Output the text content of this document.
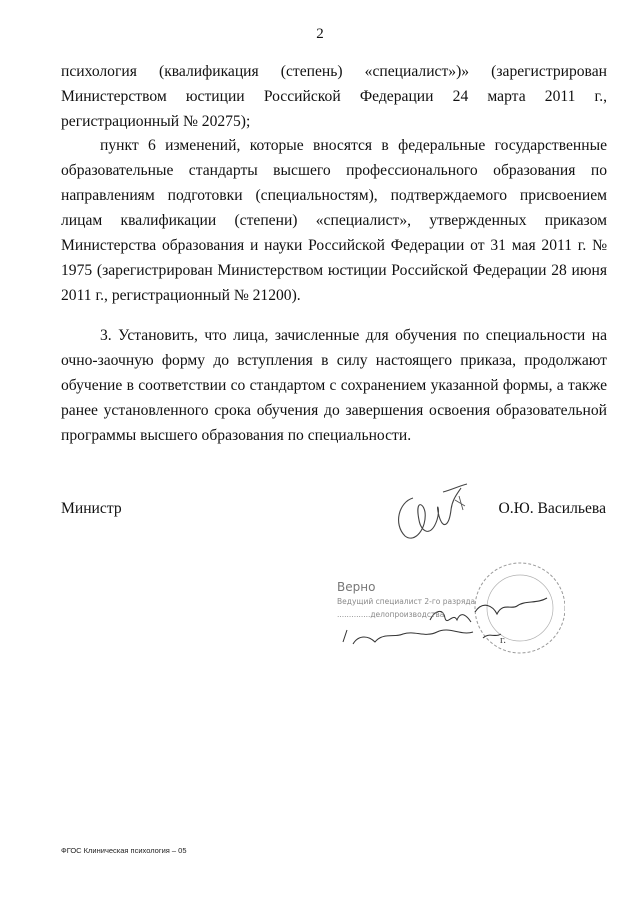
2

психология (квалификация (степень) «специалист»)» (зарегистрирован Министерством юстиции Российской Федерации 24 марта 2011 г., регистрационный № 20275);

пункт 6 изменений, которые вносятся в федеральные государственные образовательные стандарты высшего профессионального образования по направлениям подготовки (специальностям), подтверждаемого присвоением лицам квалификации (степени) «специалист», утвержденных приказом Министерства образования и науки Российской Федерации от 31 мая 2011 г. № 1975 (зарегистрирован Министерством юстиции Российской Федерации 28 июня 2011 г., регистрационный № 21200).

3. Установить, что лица, зачисленные для обучения по специальности на очно-заочную форму до вступления в силу настоящего приказа, продолжают обучение в соответствии со стандартом с сохранением указанной формы, а также ранее установленного срока обучения до завершения освоения образовательной программы высшего образования по специальности.

Министр	О.Ю. Васильева
Верно
Ведущий специалист 2-го разряда
..............делопроизводства
г.
ФГОС Клиническая психология – 05
